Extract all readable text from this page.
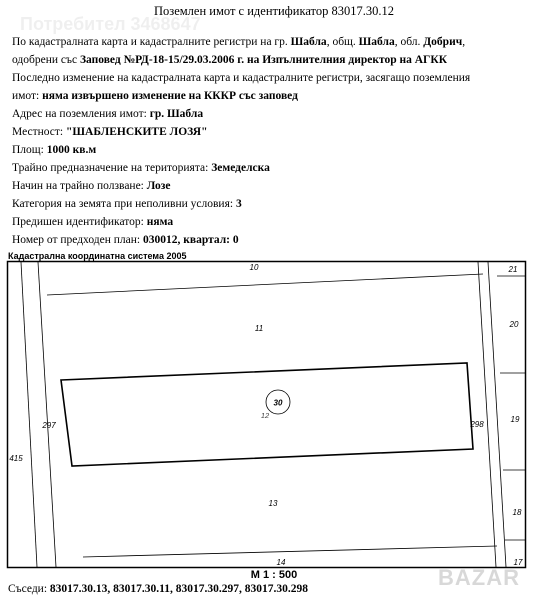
Поземлен имот с идентификатор 83017.30.12
Потребител 3468647

По кадастралната карта и кадастралните регистри на гр. Шабла, общ. Шабла, обл. Добрич,

одобрени със Заповед №РД-18-15/29.03.2006 г. на Изпълнителния директор на АГКК

Последно изменение на кадастралната карта и кадастралните регистри, засягащо поземления

имот: няма извършено изменение на КККР със заповед

Адрес на поземления имот: гр. Шабла

Местност: "ШАБЛЕНСКИТЕ ЛОЗЯ"

Площ: 1000 кв.м

Трайно предназначение на територията: Земеделска

Начин на трайно ползване: Лозе

Категория на земята при неполивни условия: 3

Предишен идентификатор: няма

Номер от предходен план: 030012, квартал: 0

Кадастрална координатна система 2005
30
10
11
12
13
14
21
20
19
18
17
297	298
415
М 1 : 500
Съседи: 83017.30.13, 83017.30.11, 83017.30.297, 83017.30.298	BAZAR
